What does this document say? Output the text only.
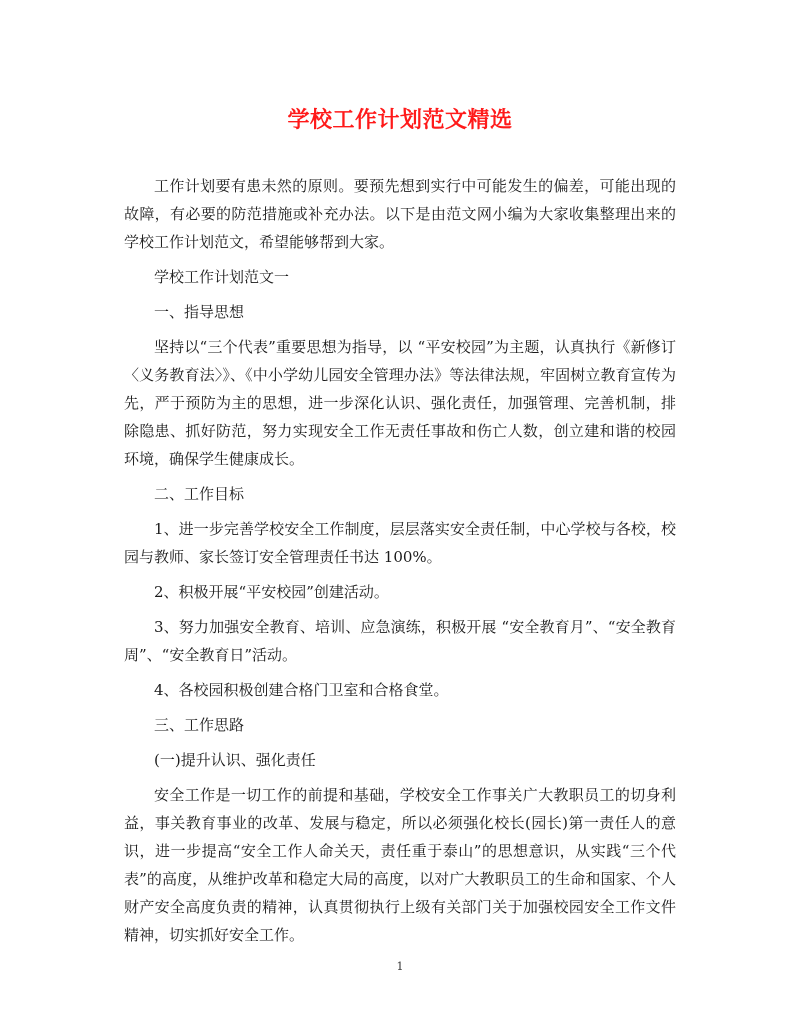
学校工作计划范文精选

工作计划要有患未然的原则。要预先想到实行中可能发生的偏差，可能出现的故障，有必要的防范措施或补充办法。以下是由范文网小编为大家收集整理出来的学校工作计划范文，希望能够帮到大家。

学校工作计划范文一

一、指导思想

坚持以“三个代表”重要思想为指导，以 “平安校园”为主题，认真执行《新修订〈义务教育法〉》、《中小学幼儿园安全管理办法》等法律法规，牢固树立教育宣传为先，严于预防为主的思想，进一步深化认识、强化责任，加强管理、完善机制，排除隐患、抓好防范，努力实现安全工作无责任事故和伤亡人数，创立建和谐的校园环境，确保学生健康成长。

二、工作目标

1、进一步完善学校安全工作制度，层层落实安全责任制，中心学校与各校，校园与教师、家长签订安全管理责任书达 100%。

2、积极开展“平安校园”创建活动。

3、努力加强安全教育、培训、应急演练，积极开展 “安全教育月”、“安全教育周”、“安全教育日”活动。

4、各校园积极创建合格门卫室和合格食堂。

三、工作思路

(一)提升认识、强化责任

安全工作是一切工作的前提和基础，学校安全工作事关广大教职员工的切身利益，事关教育事业的改革、发展与稳定，所以必须强化校长(园长)第一责任人的意识，进一步提高“安全工作人命关天，责任重于泰山”的思想意识，从实践“三个代表”的高度，从维护改革和稳定大局的高度，以对广大教职员工的生命和国家、个人财产安全高度负责的精神，认真贯彻执行上级有关部门关于加强校园安全工作文件精神，切实抓好安全工作。

1
